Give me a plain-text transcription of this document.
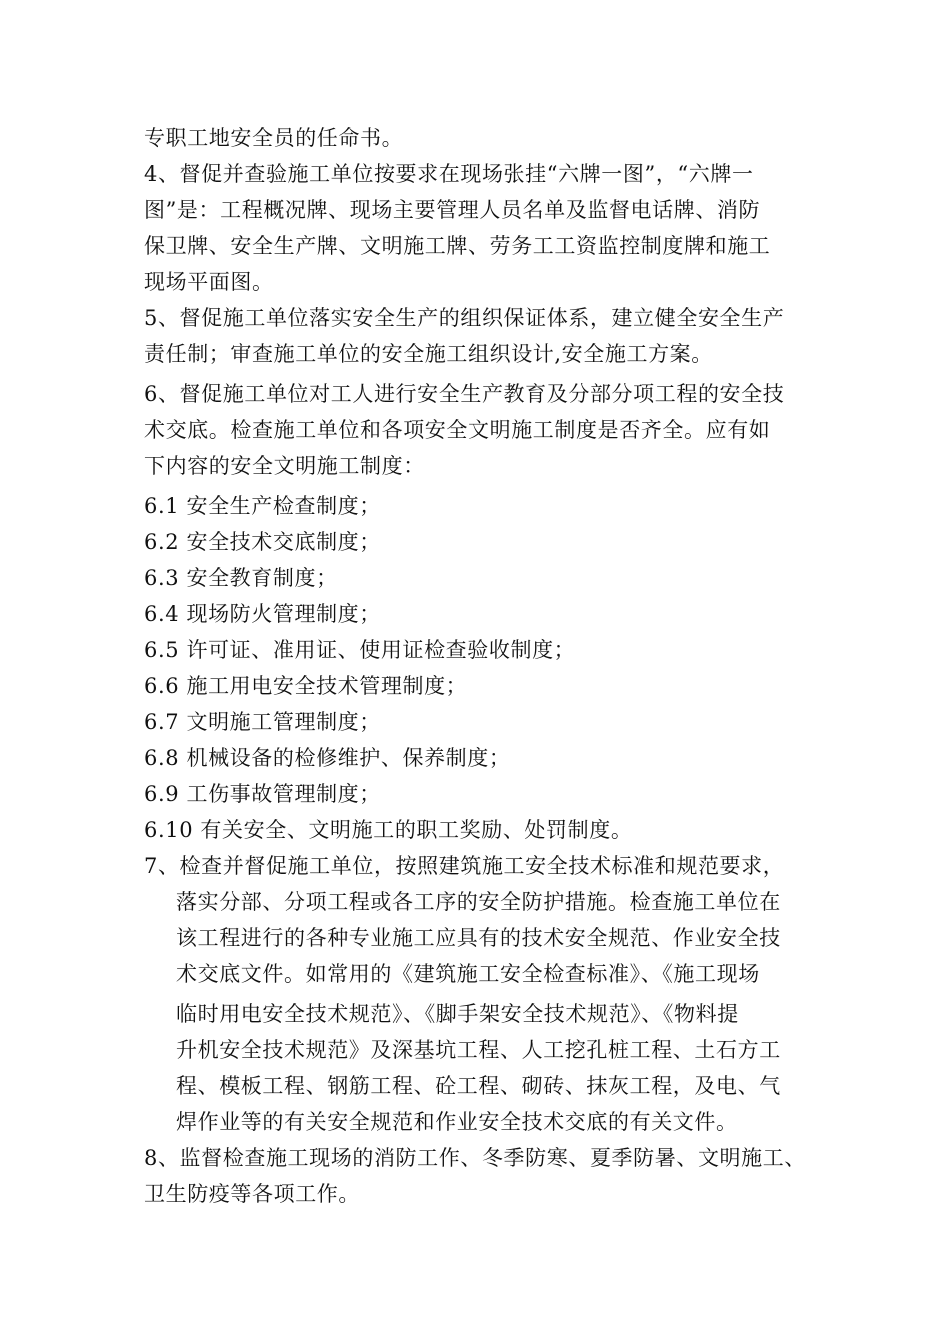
专职工地安全员的任命书。
4、督促并查验施工单位按要求在现场张挂“六牌一图”，“六牌一
图”是：工程概况牌、现场主要管理人员名单及监督电话牌、消防
保卫牌、安全生产牌、文明施工牌、劳务工工资监控制度牌和施工
现场平面图。
5、督促施工单位落实安全生产的组织保证体系，建立健全安全生产
责任制；审查施工单位的安全施工组织设计,安全施工方案。
6、督促施工单位对工人进行安全生产教育及分部分项工程的安全技
术交底。检查施工单位和各项安全文明施工制度是否齐全。应有如
下内容的安全文明施工制度：
6.1 安全生产检查制度；
6.2 安全技术交底制度；
6.3 安全教育制度；
6.4 现场防火管理制度；
6.5 许可证、准用证、使用证检查验收制度；
6.6 施工用电安全技术管理制度；
6.7 文明施工管理制度；
6.8 机械设备的检修维护、保养制度；
6.9 工伤事故管理制度；
6.10 有关安全、文明施工的职工奖励、处罚制度。
7、检查并督促施工单位，按照建筑施工安全技术标准和规范要求，
落实分部、分项工程或各工序的安全防护措施。检查施工单位在
该工程进行的各种专业施工应具有的技术安全规范、作业安全技
术交底文件。如常用的《建筑施工安全检查标准》、《施工现场
临时用电安全技术规范》、《脚手架安全技术规范》、《物料提
升机安全技术规范》及深基坑工程、人工挖孔桩工程、土石方工
程、模板工程、钢筋工程、砼工程、砌砖、抹灰工程，及电、气
焊作业等的有关安全规范和作业安全技术交底的有关文件。
8、监督检查施工现场的消防工作、冬季防寒、夏季防暑、文明施工、
卫生防疫等各项工作。
